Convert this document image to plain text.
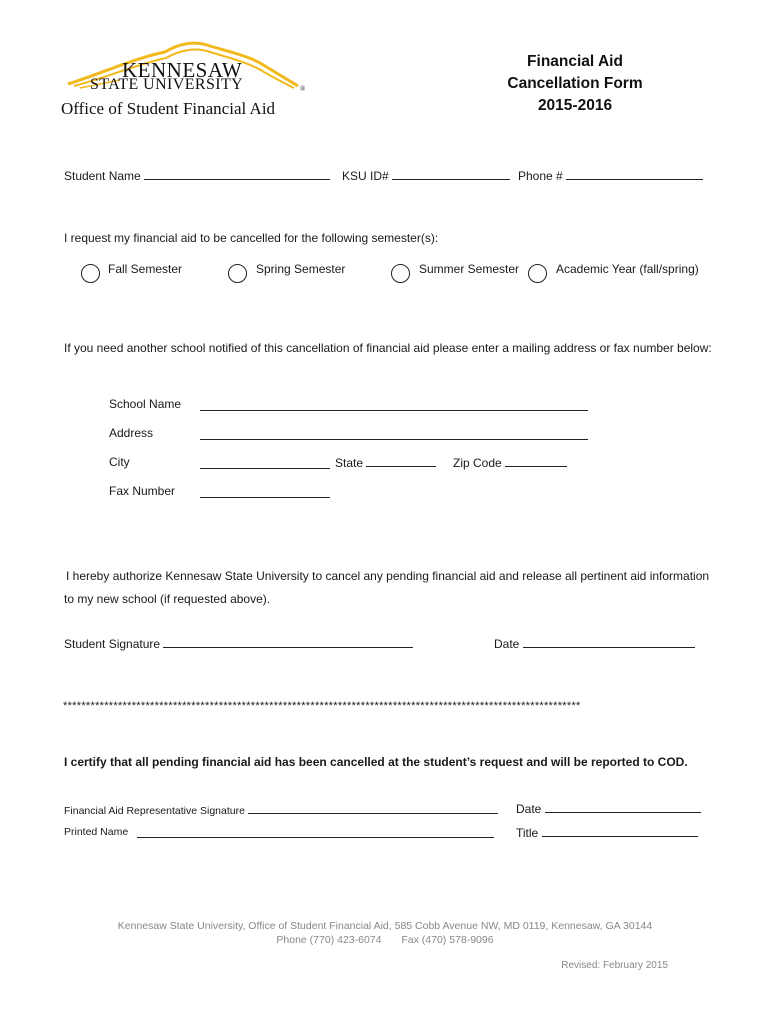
KENNESAW
STATE UNIVERSITY	®
Office of Student Financial Aid
Financial Aid
Cancellation Form
2015-2016
Student Name	KSU ID#	Phone #
I request my financial aid to be cancelled for the following semester(s):
Fall Semester	Spring Semester	Summer Semester	Academic Year (fall/spring)
If you need another school notified of this cancellation of financial aid please enter a mailing address or fax number below:
School Name
Address
City	State	Zip Code
Fax Number
I hereby authorize Kennesaw State University to cancel any pending financial aid and release all pertinent aid information
to my new school (if requested above).
Student Signature	Date
*****************************************************************************************************************
I certify that all pending financial aid has been cancelled at the student’s request and will be reported to COD.
Financial Aid Representative Signature	Date
Printed Name	Title
Kennesaw State University, Office of Student Financial Aid, 585 Cobb Avenue NW, MD 0119, Kennesaw, GA 30144
Phone (770) 423-6074 Fax (470) 578-9096
Revised: February 2015
